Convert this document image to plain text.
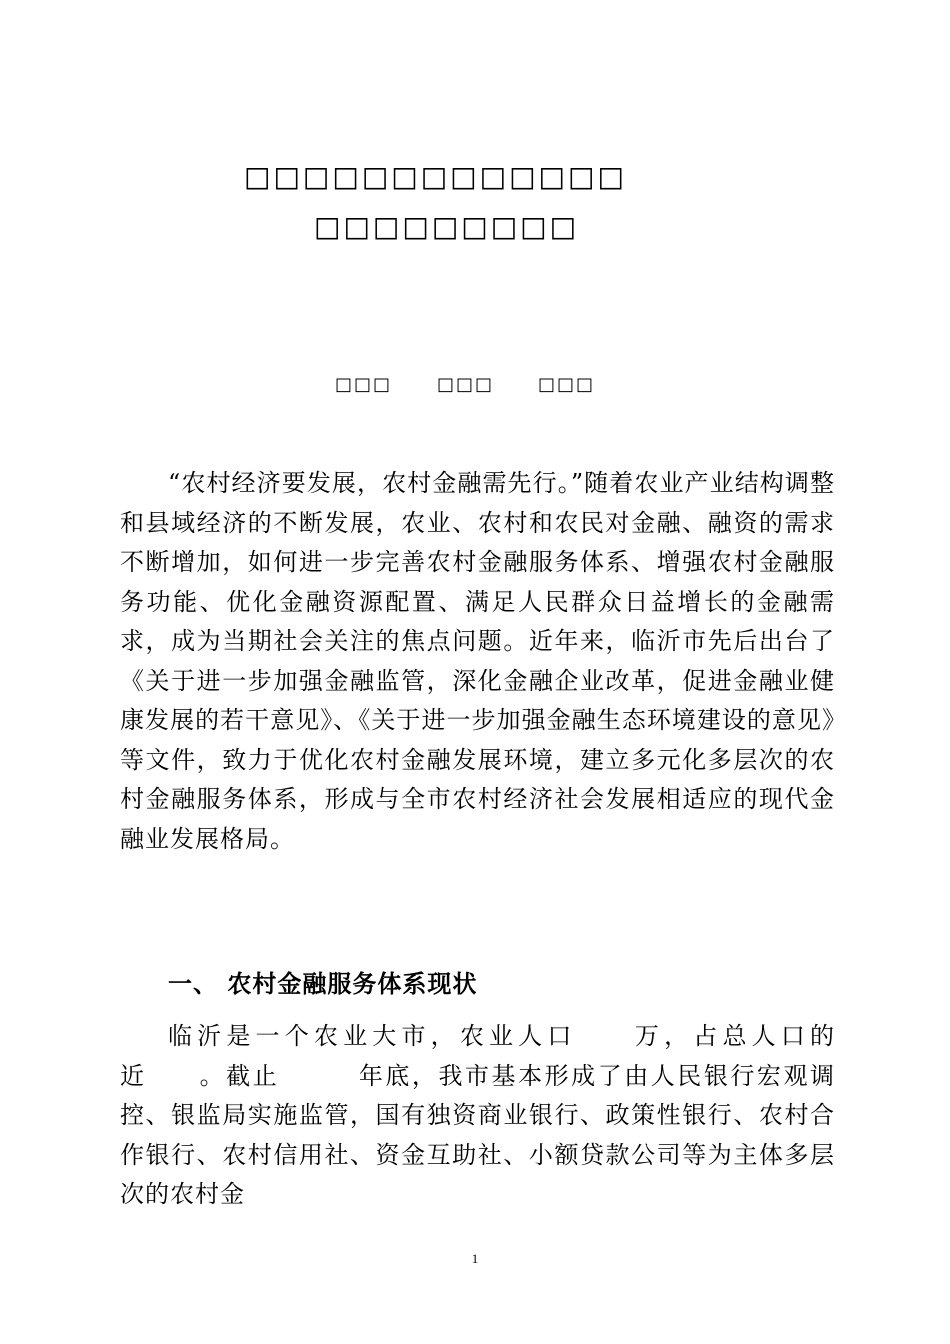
□□□□□□□□□□□□□
□□□□□□□□□
□□□ □□□ □□□

“农村经济要发展，农村金融需先行。”随着农业产业结构调整和县域经济的不断发展，农业、农村和农民对金融、融资的需求不断增加，如何进一步完善农村金融服务体系、增强农村金融服务功能、优化金融资源配置、满足人民群众日益增长的金融需求，成为当期社会关注的焦点问题。近年来，临沂市先后出台了《关于进一步加强金融监管，深化金融企业改革，促进金融业健康发展的若干意见》、《关于进一步加强金融生态环境建设的意见》等文件，致力于优化农村金融发展环境，建立多元化多层次的农村金融服务体系，形成与全市农村经济社会发展相适应的现代金融业发展格局。

一、 农村金融服务体系现状

临沂是一个农业大市，农业人口　　万，占总人口的近　　。截止　　　年底，我市基本形成了由人民银行宏观调控、银监局实施监管，国有独资商业银行、政策性银行、农村合作银行、农村信用社、资金互助社、小额贷款公司等为主体多层次的农村金

1
